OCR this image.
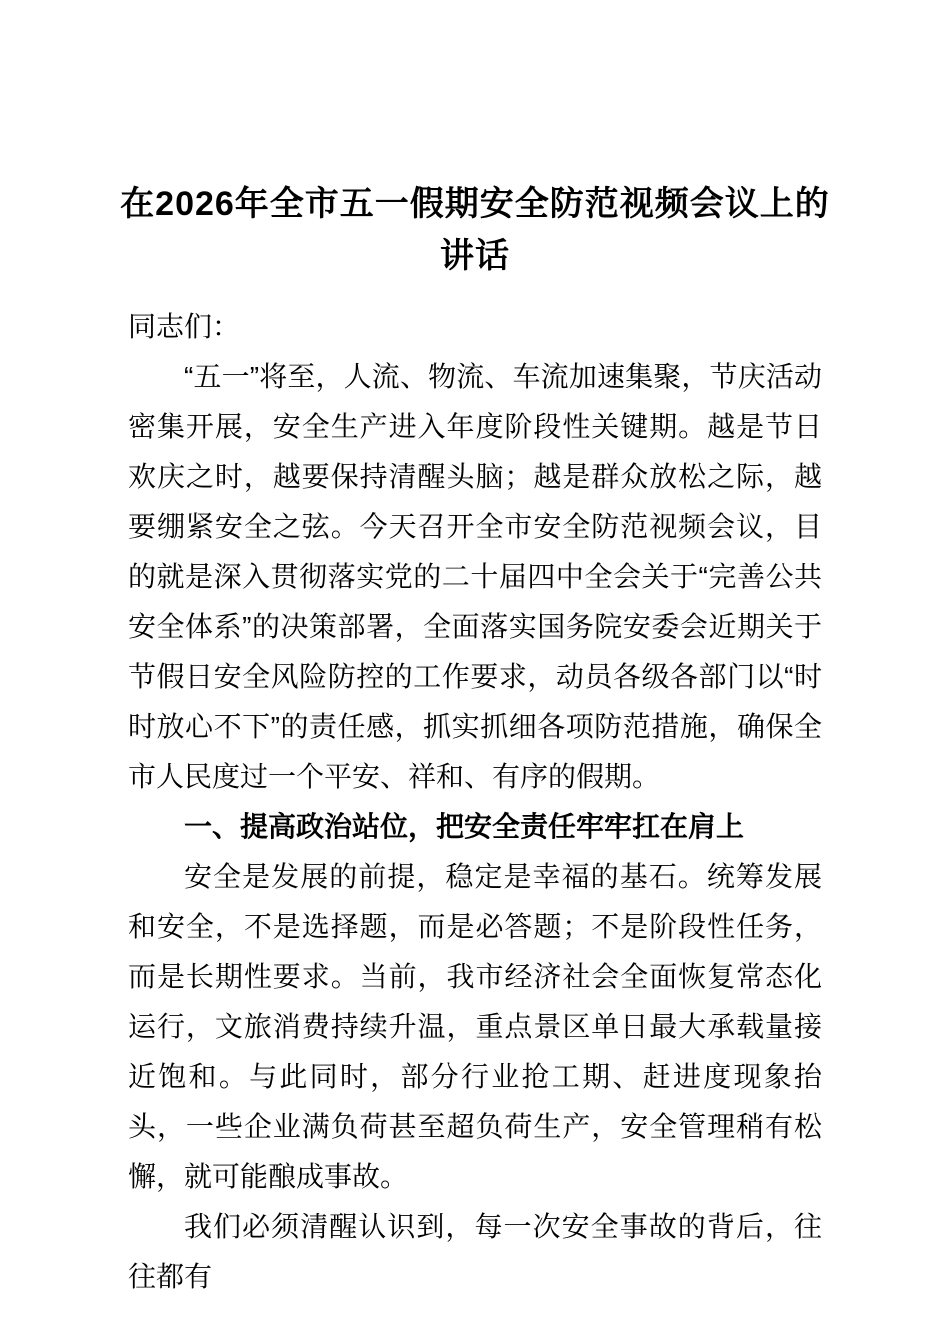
在2026年全市五一假期安全防范视频会议上的讲话

同志们：

“五一”将至，人流、物流、车流加速集聚，节庆活动密集开展，安全生产进入年度阶段性关键期。越是节日欢庆之时，越要保持清醒头脑；越是群众放松之际，越要绷紧安全之弦。今天召开全市安全防范视频会议，目的就是深入贯彻落实党的二十届四中全会关于“完善公共安全体系”的决策部署，全面落实国务院安委会近期关于节假日安全风险防控的工作要求，动员各级各部门以“时时放心不下”的责任感，抓实抓细各项防范措施，确保全市人民度过一个平安、祥和、有序的假期。

一、提高政治站位，把安全责任牢牢扛在肩上

安全是发展的前提，稳定是幸福的基石。统筹发展和安全，不是选择题，而是必答题；不是阶段性任务，而是长期性要求。当前，我市经济社会全面恢复常态化运行，文旅消费持续升温，重点景区单日最大承载量接近饱和。与此同时，部分行业抢工期、赶进度现象抬头，一些企业满负荷甚至超负荷生产，安全管理稍有松懈，就可能酿成事故。

我们必须清醒认识到，每一次安全事故的背后，往往都有
